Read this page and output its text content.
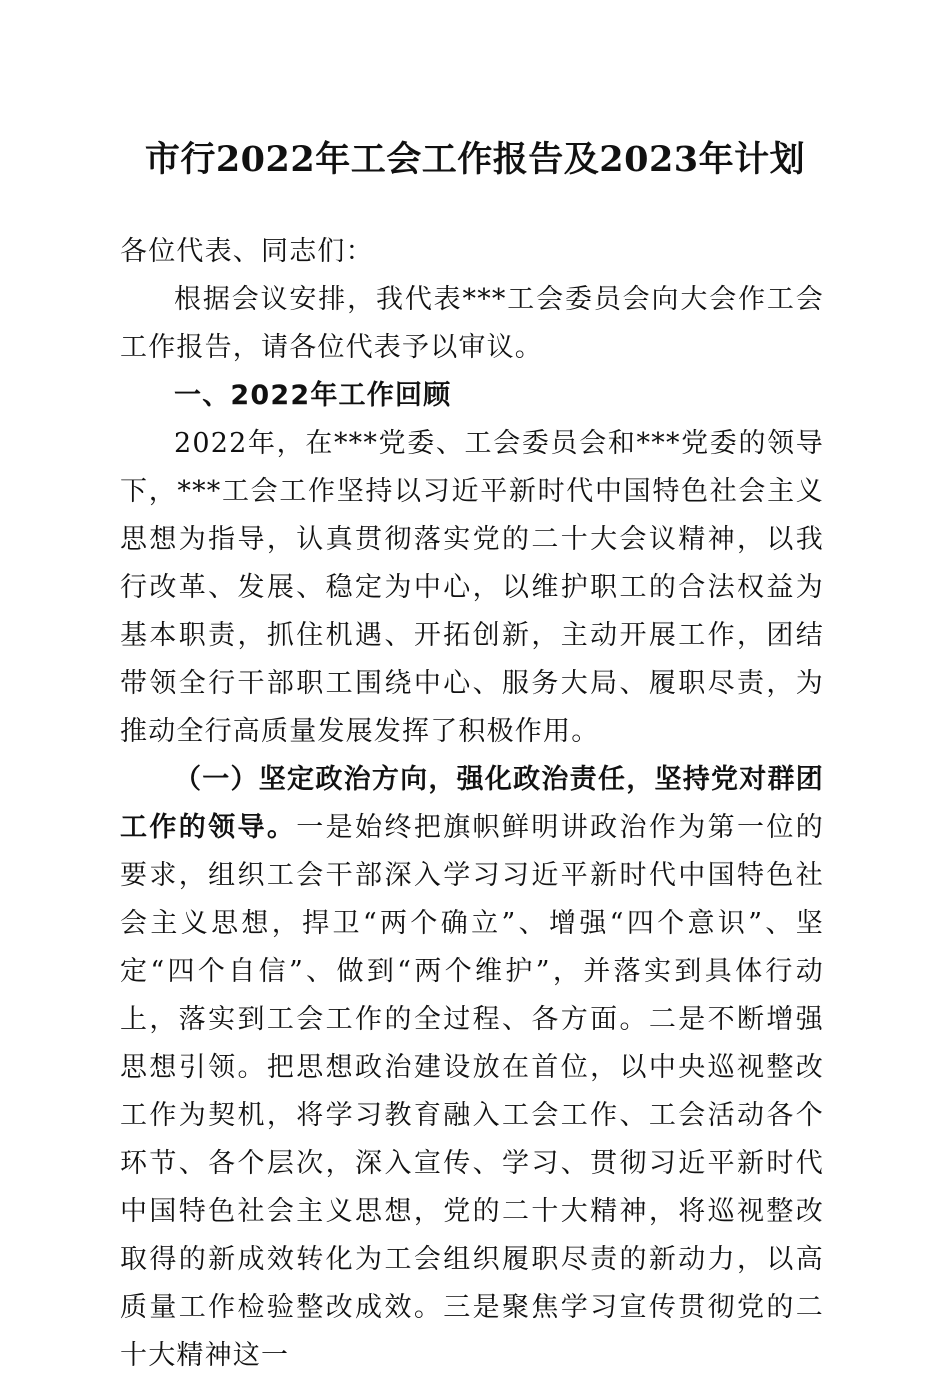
市行2022年工会工作报告及2023年计划

各位代表、同志们：

根据会议安排，我代表***工会委员会向大会作工会工作报告，请各位代表予以审议。

一、2022年工作回顾

2022年，在***党委、工会委员会和***党委的领导下，***工会工作坚持以习近平新时代中国特色社会主义思想为指导，认真贯彻落实党的二十大会议精神，以我行改革、发展、稳定为中心，以维护职工的合法权益为基本职责，抓住机遇、开拓创新，主动开展工作，团结带领全行干部职工围绕中心、服务大局、履职尽责，为推动全行高质量发展发挥了积极作用。

（一）坚定政治方向，强化政治责任，坚持党对群团工作的领导。一是始终把旗帜鲜明讲政治作为第一位的要求，组织工会干部深入学习习近平新时代中国特色社会主义思想，捍卫“两个确立”、增强“四个意识”、坚定“四个自信”、做到“两个维护”，并落实到具体行动上，落实到工会工作的全过程、各方面。二是不断增强思想引领。把思想政治建设放在首位，以中央巡视整改工作为契机，将学习教育融入工会工作、工会活动各个环节、各个层次，深入宣传、学习、贯彻习近平新时代中国特色社会主义思想，党的二十大精神，将巡视整改取得的新成效转化为工会组织履职尽责的新动力，以高质量工作检验整改成效。三是聚焦学习宣传贯彻党的二十大精神这一
